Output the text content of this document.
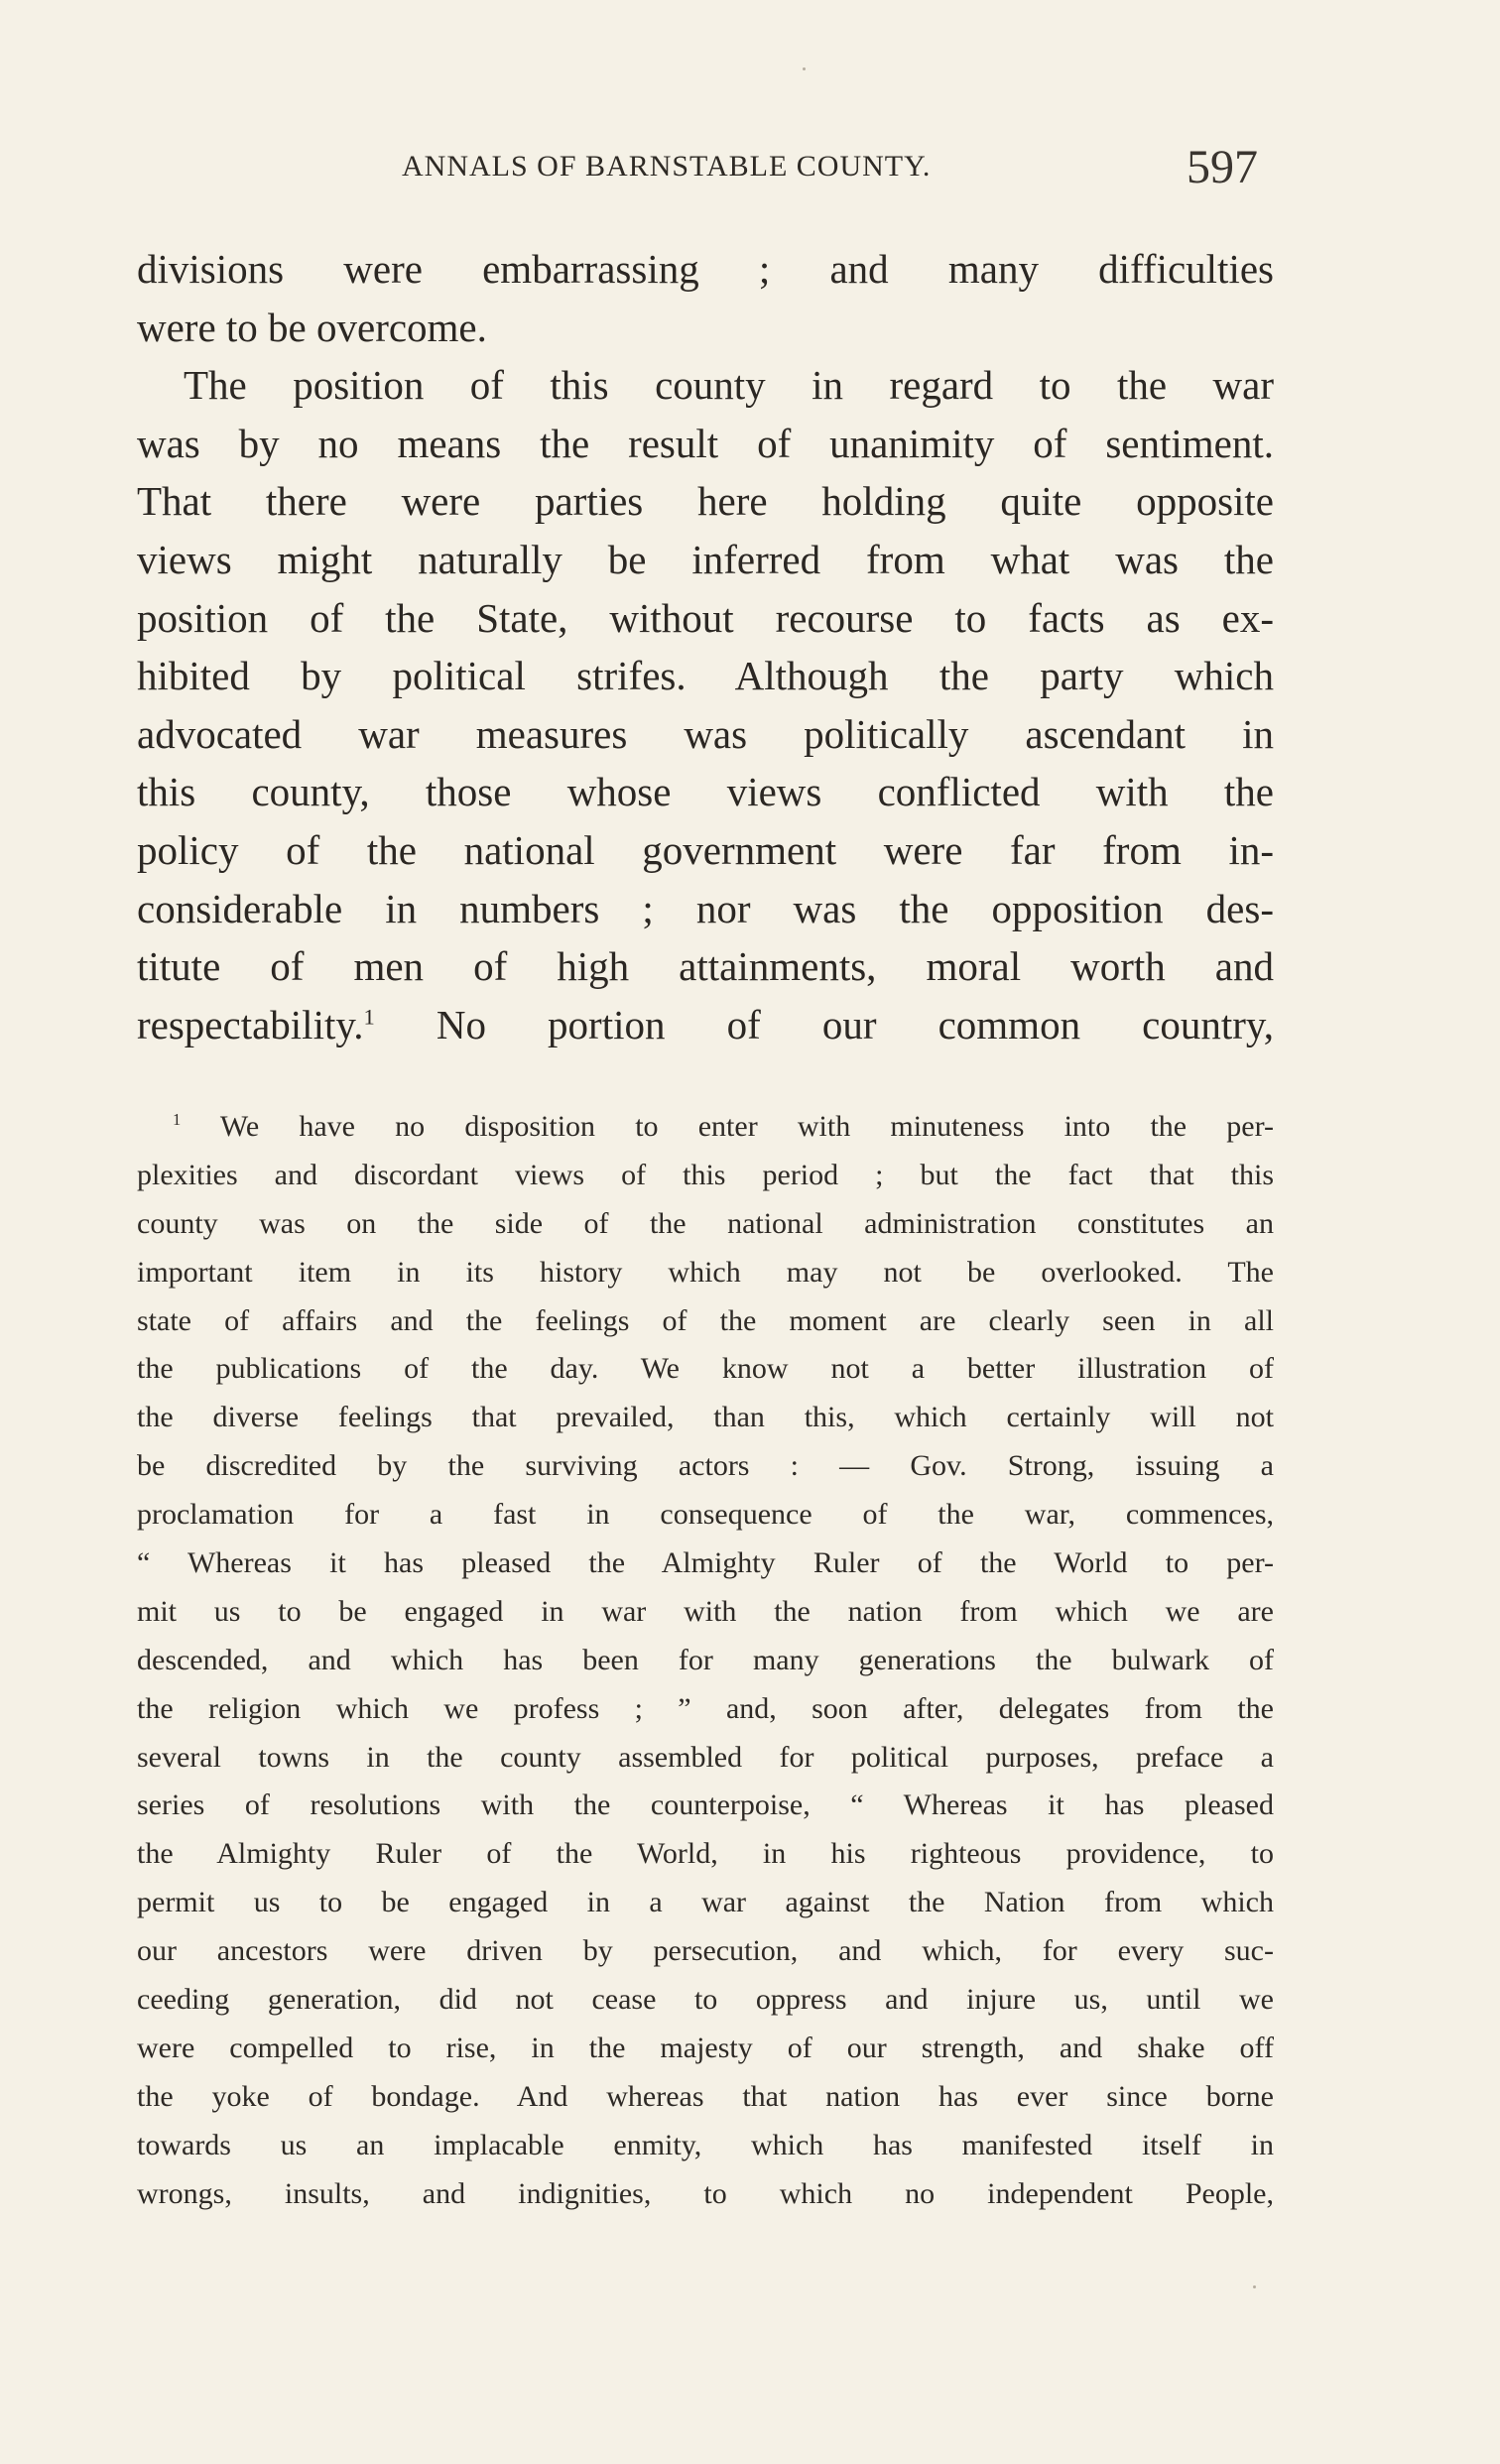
ANNALS OF BARNSTABLE COUNTY.	597
divisions were embarrassing ; and many difficulties
were to be overcome.
The position of this county in regard to the war
was by no means the result of unanimity of sentiment.
That there were parties here holding quite opposite
views might naturally be inferred from what was the
position of the State, without recourse to facts as ex-
hibited by political strifes. Although the party which
advocated war measures was politically ascendant in
this county, those whose views conflicted with the
policy of the national government were far from in-
considerable in numbers ; nor was the opposition des-
titute of men of high attainments, moral worth and
respectability.$^1$ No portion of our common country,
$^1$ We have no disposition to enter with minuteness into the per-
plexities and discordant views of this period ; but the fact that this
county was on the side of the national administration constitutes an
important item in its history which may not be overlooked. The
state of affairs and the feelings of the moment are clearly seen in all
the publications of the day. We know not a better illustration of
the diverse feelings that prevailed, than this, which certainly will not
be discredited by the surviving actors : — Gov. Strong, issuing a
proclamation for a fast in consequence of the war, commences,
“ Whereas it has pleased the Almighty Ruler of the World to per-
mit us to be engaged in war with the nation from which we are
descended, and which has been for many generations the bulwark of
the religion which we profess ; ” and, soon after, delegates from the
several towns in the county assembled for political purposes, preface a
series of resolutions with the counterpoise, “ Whereas it has pleased
the Almighty Ruler of the World, in his righteous providence, to
permit us to be engaged in a war against the Nation from which
our ancestors were driven by persecution, and which, for every suc-
ceeding generation, did not cease to oppress and injure us, until we
were compelled to rise, in the majesty of our strength, and shake off
the yoke of bondage. And whereas that nation has ever since borne
towards us an implacable enmity, which has manifested itself in
wrongs, insults, and indignities, to which no independent People,
